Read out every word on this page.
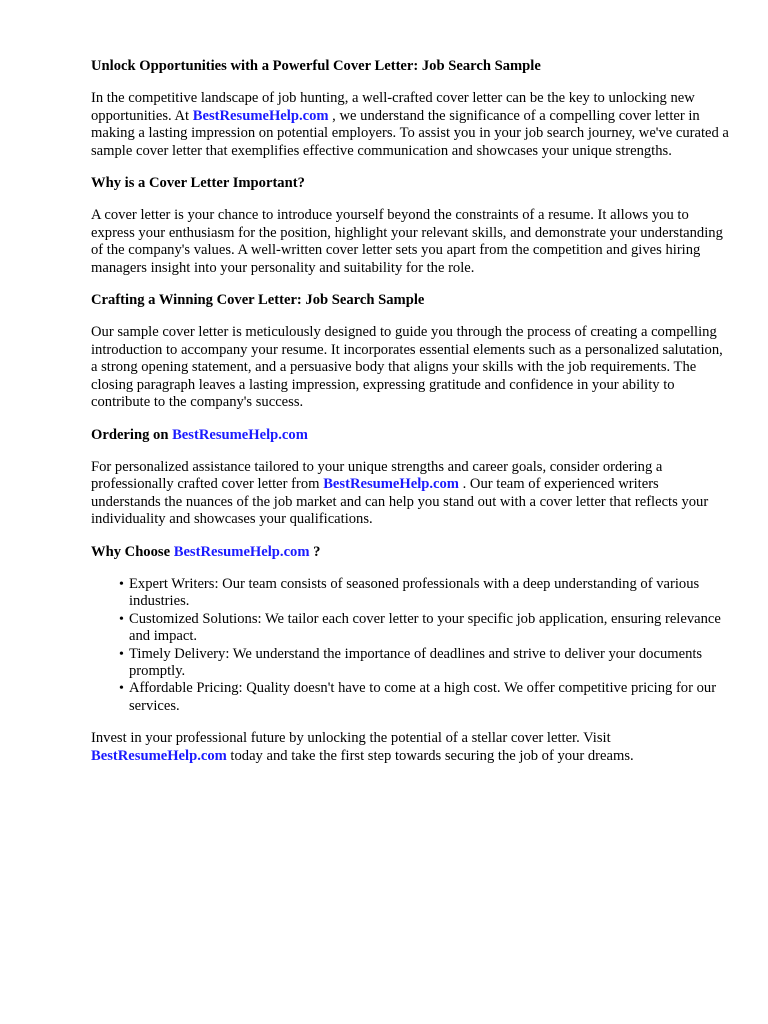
Unlock Opportunities with a Powerful Cover Letter: Job Search Sample

In the competitive landscape of job hunting, a well-crafted cover letter can be the key to unlocking new opportunities. At BestResumeHelp.com , we understand the significance of a compelling cover letter in making a lasting impression on potential employers. To assist you in your job search journey, we've curated a sample cover letter that exemplifies effective communication and showcases your unique strengths.

Why is a Cover Letter Important?

A cover letter is your chance to introduce yourself beyond the constraints of a resume. It allows you to express your enthusiasm for the position, highlight your relevant skills, and demonstrate your understanding of the company's values. A well-written cover letter sets you apart from the competition and gives hiring managers insight into your personality and suitability for the role.

Crafting a Winning Cover Letter: Job Search Sample

Our sample cover letter is meticulously designed to guide you through the process of creating a compelling introduction to accompany your resume. It incorporates essential elements such as a personalized salutation, a strong opening statement, and a persuasive body that aligns your skills with the job requirements. The closing paragraph leaves a lasting impression, expressing gratitude and confidence in your ability to contribute to the company's success.

Ordering on BestResumeHelp.com

For personalized assistance tailored to your unique strengths and career goals, consider ordering a professionally crafted cover letter from BestResumeHelp.com . Our team of experienced writers understands the nuances of the job market and can help you stand out with a cover letter that reflects your individuality and showcases your qualifications.

Why Choose BestResumeHelp.com ?
• Expert Writers: Our team consists of seasoned professionals with a deep understanding of various industries.
• Customized Solutions: We tailor each cover letter to your specific job application, ensuring relevance and impact.
• Timely Delivery: We understand the importance of deadlines and strive to deliver your documents promptly.
• Affordable Pricing: Quality doesn't have to come at a high cost. We offer competitive pricing for our services.

Invest in your professional future by unlocking the potential of a stellar cover letter. Visit BestResumeHelp.com today and take the first step towards securing the job of your dreams.
